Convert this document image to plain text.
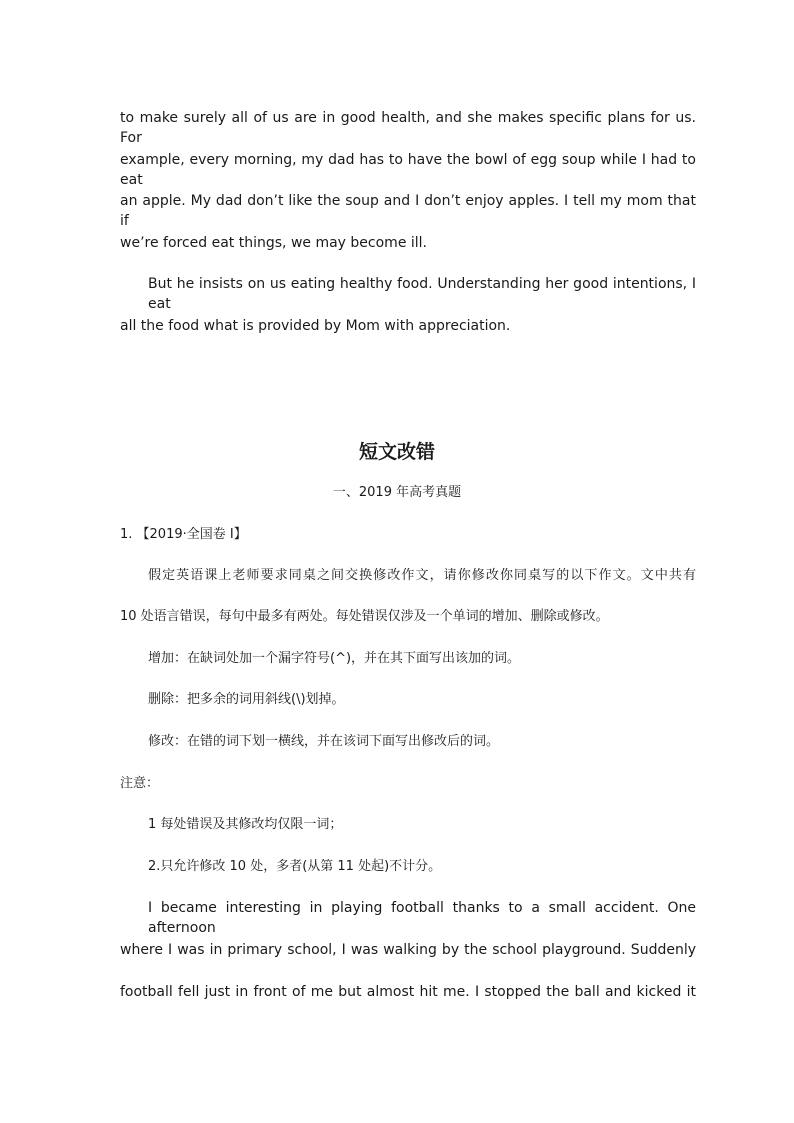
to make surely all of us are in good health, and she makes specific plans for us. For
example, every morning, my dad has to have the bowl of egg soup while I had to eat
an apple. My dad don’t like the soup and I don’t enjoy apples. I tell my mom that if
we’re forced eat things, we may become ill.
But he insists on us eating healthy food. Understanding her good intentions, I eat
all the food what is provided by Mom with appreciation.
短文改错
一、2019 年高考真题
1. 【2019·全国卷 I】
假定英语课上老师要求同桌之间交换修改作文，请你修改你同桌写的以下作文。文中共有
10 处语言错误，每句中最多有两处。每处错误仅涉及一个单词的增加、删除或修改。
增加：在缺词处加一个漏字符号(^)，并在其下面写出该加的词。
删除：把多余的词用斜线(\)划掉。
修改：在错的词下划一横线，并在该词下面写出修改后的词。
注意：
1 每处错误及其修改均仅限一词；
2.只允许修改 10 处，多者(从第 11 处起)不计分。
I became interesting in playing football thanks to a small accident. One afternoon
where I was in primary school, I was walking by the school playground. Suddenly
football fell just in front of me but almost hit me. I stopped the ball and kicked it
